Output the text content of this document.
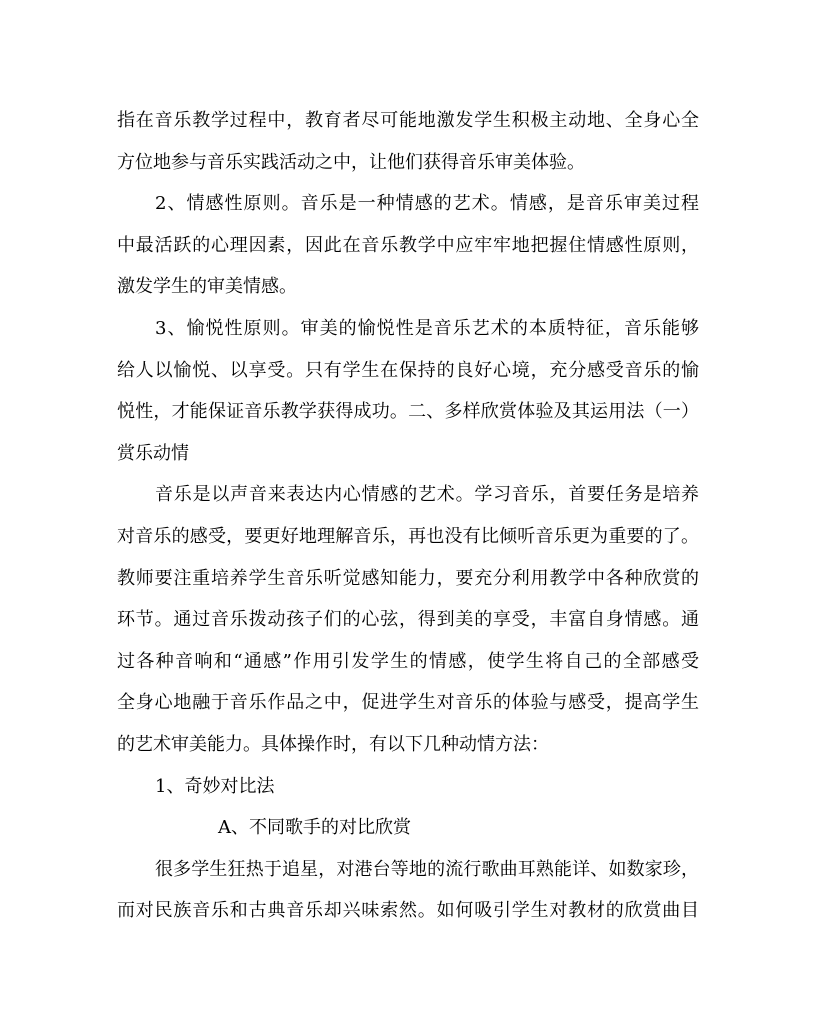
指在音乐教学过程中，教育者尽可能地激发学生积极主动地、全身心全
方位地参与音乐实践活动之中，让他们获得音乐审美体验。
2、情感性原则。音乐是一种情感的艺术。情感，是音乐审美过程
中最活跃的心理因素，因此在音乐教学中应牢牢地把握住情感性原则，
激发学生的审美情感。
3、愉悦性原则。审美的愉悦性是音乐艺术的本质特征，音乐能够
给人以愉悦、以享受。只有学生在保持的良好心境，充分感受音乐的愉
悦性，才能保证音乐教学获得成功。二、多样欣赏体验及其运用法（一）
赏乐动情
音乐是以声音来表达内心情感的艺术。学习音乐，首要任务是培养
对音乐的感受，要更好地理解音乐，再也没有比倾听音乐更为重要的了。
教师要注重培养学生音乐听觉感知能力，要充分利用教学中各种欣赏的
环节。通过音乐拨动孩子们的心弦，得到美的享受，丰富自身情感。通
过各种音响和“通感”作用引发学生的情感，使学生将自己的全部感受
全身心地融于音乐作品之中，促进学生对音乐的体验与感受，提高学生
的艺术审美能力。具体操作时，有以下几种动情方法：
1、奇妙对比法
A、不同歌手的对比欣赏
很多学生狂热于追星，对港台等地的流行歌曲耳熟能详、如数家珍，
而对民族音乐和古典音乐却兴味索然。如何吸引学生对教材的欣赏曲目
